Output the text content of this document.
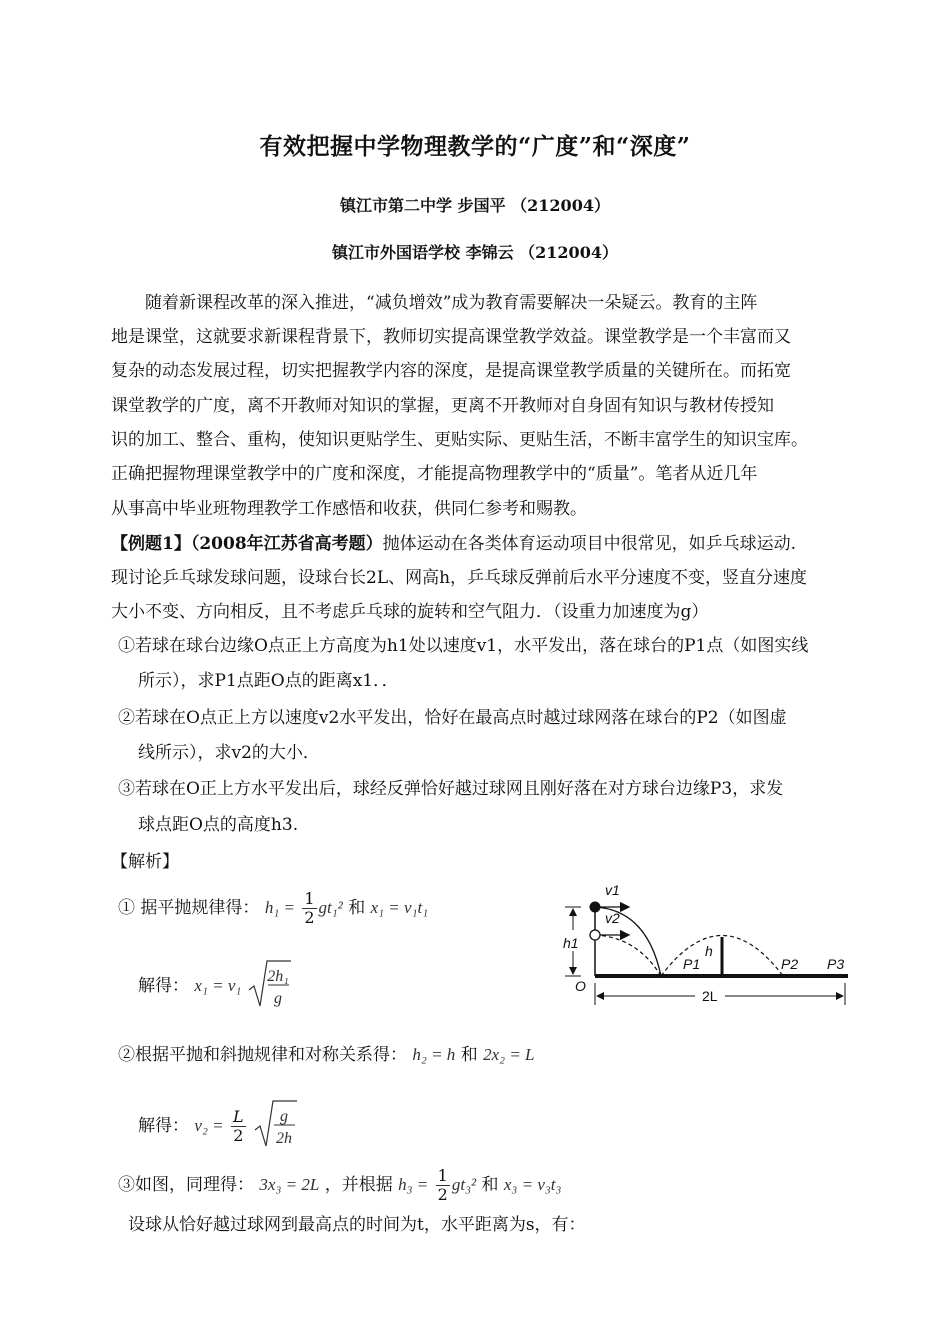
有效把握中学物理教学的“广度”和“深度”
镇江市第二中学 步国平 （212004）
镇江市外国语学校 李锦云 （212004）
随着新课程改革的深入推进，“减负增效”成为教育需要解决一朵疑云。教育的主阵
地是课堂，这就要求新课程背景下，教师切实提高课堂教学效益。课堂教学是一个丰富而又
复杂的动态发展过程，切实把握教学内容的深度，是提高课堂教学质量的关键所在。而拓宽
课堂教学的广度，离不开教师对知识的掌握，更离不开教师对自身固有知识与教材传授知
识的加工、整合、重构，使知识更贴学生、更贴实际、更贴生活，不断丰富学生的知识宝库。
正确把握物理课堂教学中的广度和深度，才能提高物理教学中的“质量”。笔者从近几年
从事高中毕业班物理教学工作感悟和收获，供同仁参考和赐教。
【例题1】（2008年江苏省高考题）抛体运动在各类体育运动项目中很常见，如乒乓球运动.
现讨论乒乓球发球问题，设球台长2L、网高h，乒乓球反弹前后水平分速度不变，竖直分速度
大小不变、方向相反，且不考虑乒乓球的旋转和空气阻力．（设重力加速度为g）
①若球在球台边缘O点正上方高度为h1处以速度v1，水平发出，落在球台的P1点（如图实线
所示），求P1点距O点的距离x1．．
②若球在O点正上方以速度v2水平发出，恰好在最高点时越过球网落在球台的P2（如图虚
线所示），求v2的大小．
③若球在O正上方水平发出后，球经反弹恰好越过球网且刚好落在对方球台边缘P3，求发
球点距O点的高度h3.
【解析】
① 据平抛规律得： $h_1 = \frac{1}{2} gt_1^2$ 和 x₁ = v₁t₁
解得： x₁ = v₁ 2h₁
g
②根据平抛和斜抛规律和对称关系得： h₂ = h 和 2x₂ = L
解得： $v_2 = \frac{L}{2}$
g
2h
③如图，同理得： 3x₃ = 2L ，并根据 $h_3 = \frac{1}{2} gt_3^2$ 和 x₃ = v₃t₃
设球从恰好越过球网到最高点的时间为t，水平距离为s，有：
v1
v2
h1	h
O
P1	P2 P3
2L
